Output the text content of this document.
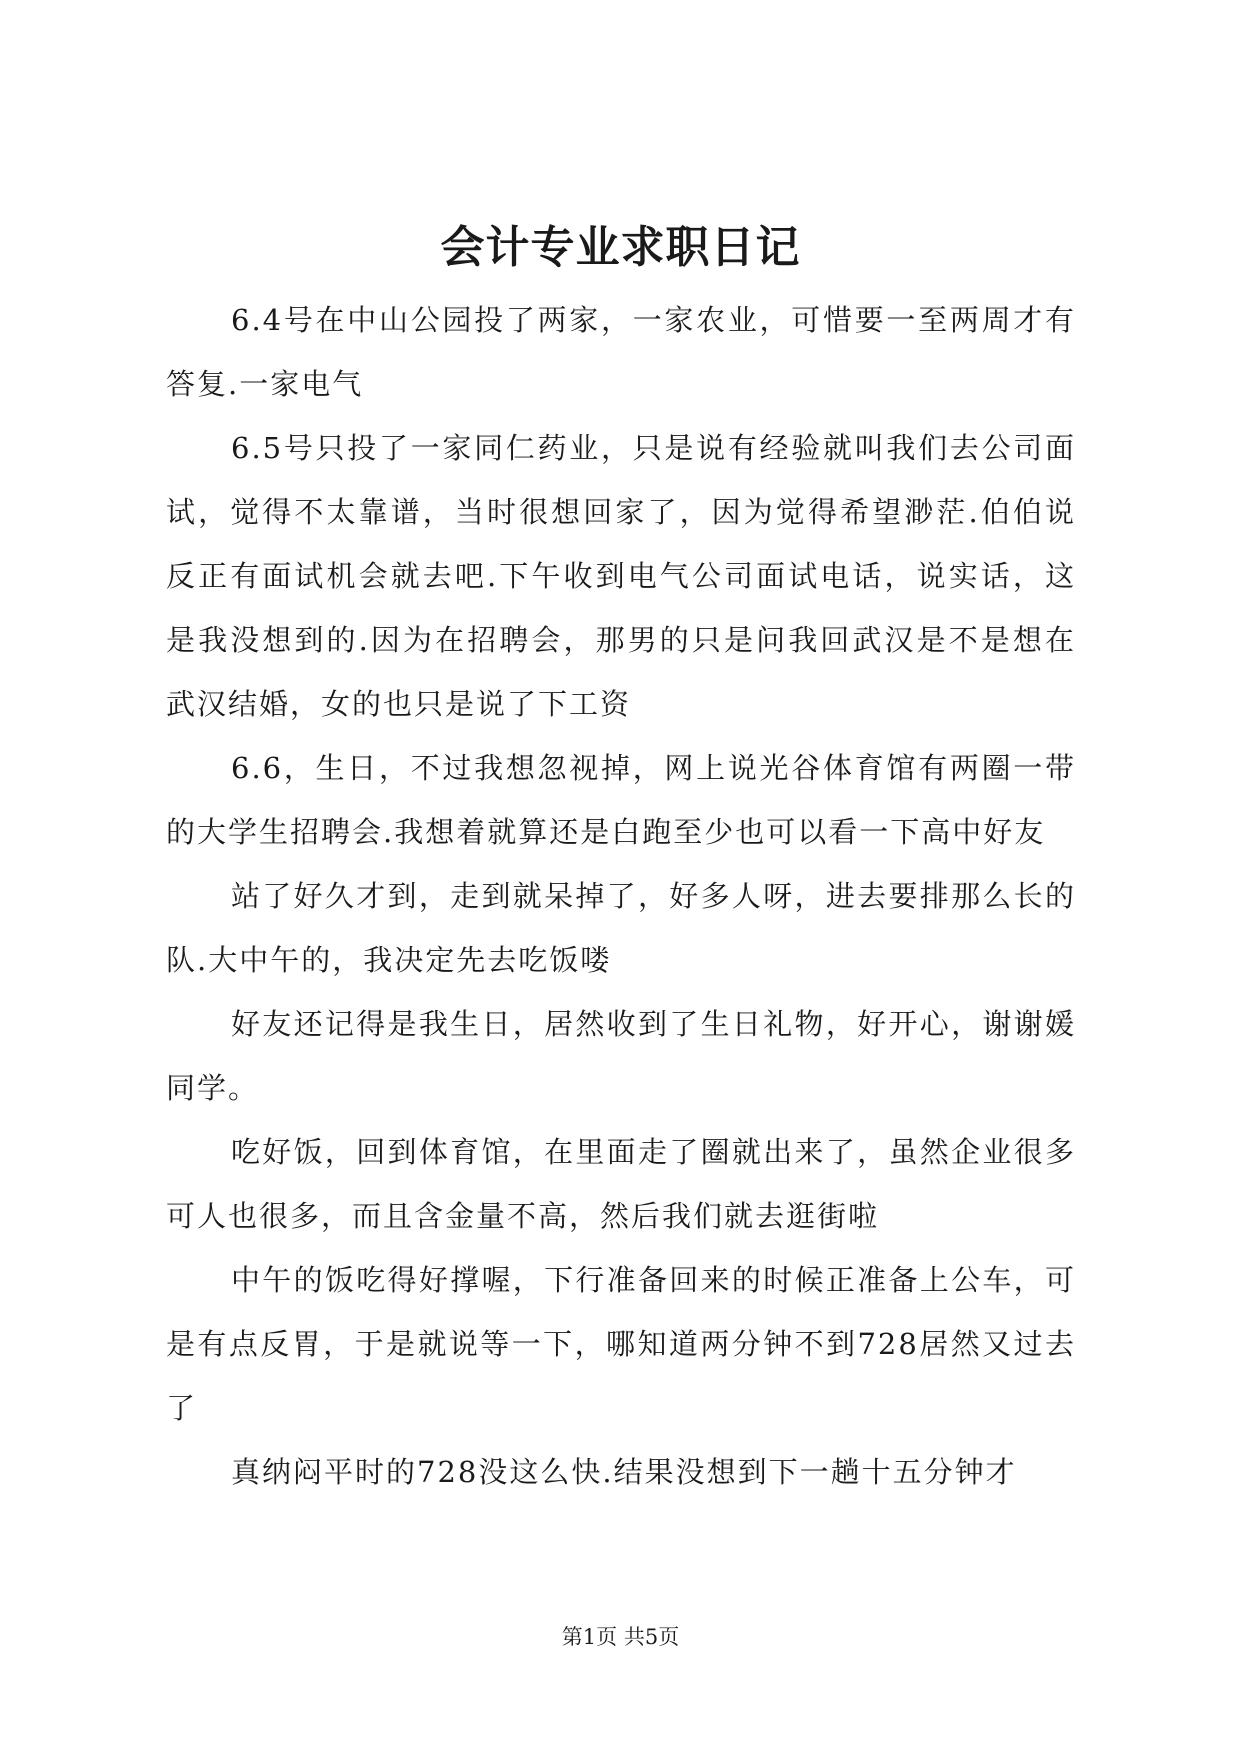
会计专业求职日记

6.4号在中山公园投了两家，一家农业，可惜要一至两周才有答复.一家电气

6.5号只投了一家同仁药业，只是说有经验就叫我们去公司面试，觉得不太靠谱，当时很想回家了，因为觉得希望渺茫.伯伯说反正有面试机会就去吧.下午收到电气公司面试电话，说实话，这是我没想到的.因为在招聘会，那男的只是问我回武汉是不是想在武汉结婚，女的也只是说了下工资

6.6，生日，不过我想忽视掉，网上说光谷体育馆有两圈一带的大学生招聘会.我想着就算还是白跑至少也可以看一下高中好友

站了好久才到，走到就呆掉了，好多人呀，进去要排那么长的队.大中午的，我决定先去吃饭喽

好友还记得是我生日，居然收到了生日礼物，好开心，谢谢媛同学。

吃好饭，回到体育馆，在里面走了圈就出来了，虽然企业很多可人也很多，而且含金量不高，然后我们就去逛街啦

中午的饭吃得好撑喔，下行准备回来的时候正准备上公车，可是有点反胃，于是就说等一下，哪知道两分钟不到728居然又过去了

真纳闷平时的728没这么快.结果没想到下一趟十五分钟才

第1页 共5页
